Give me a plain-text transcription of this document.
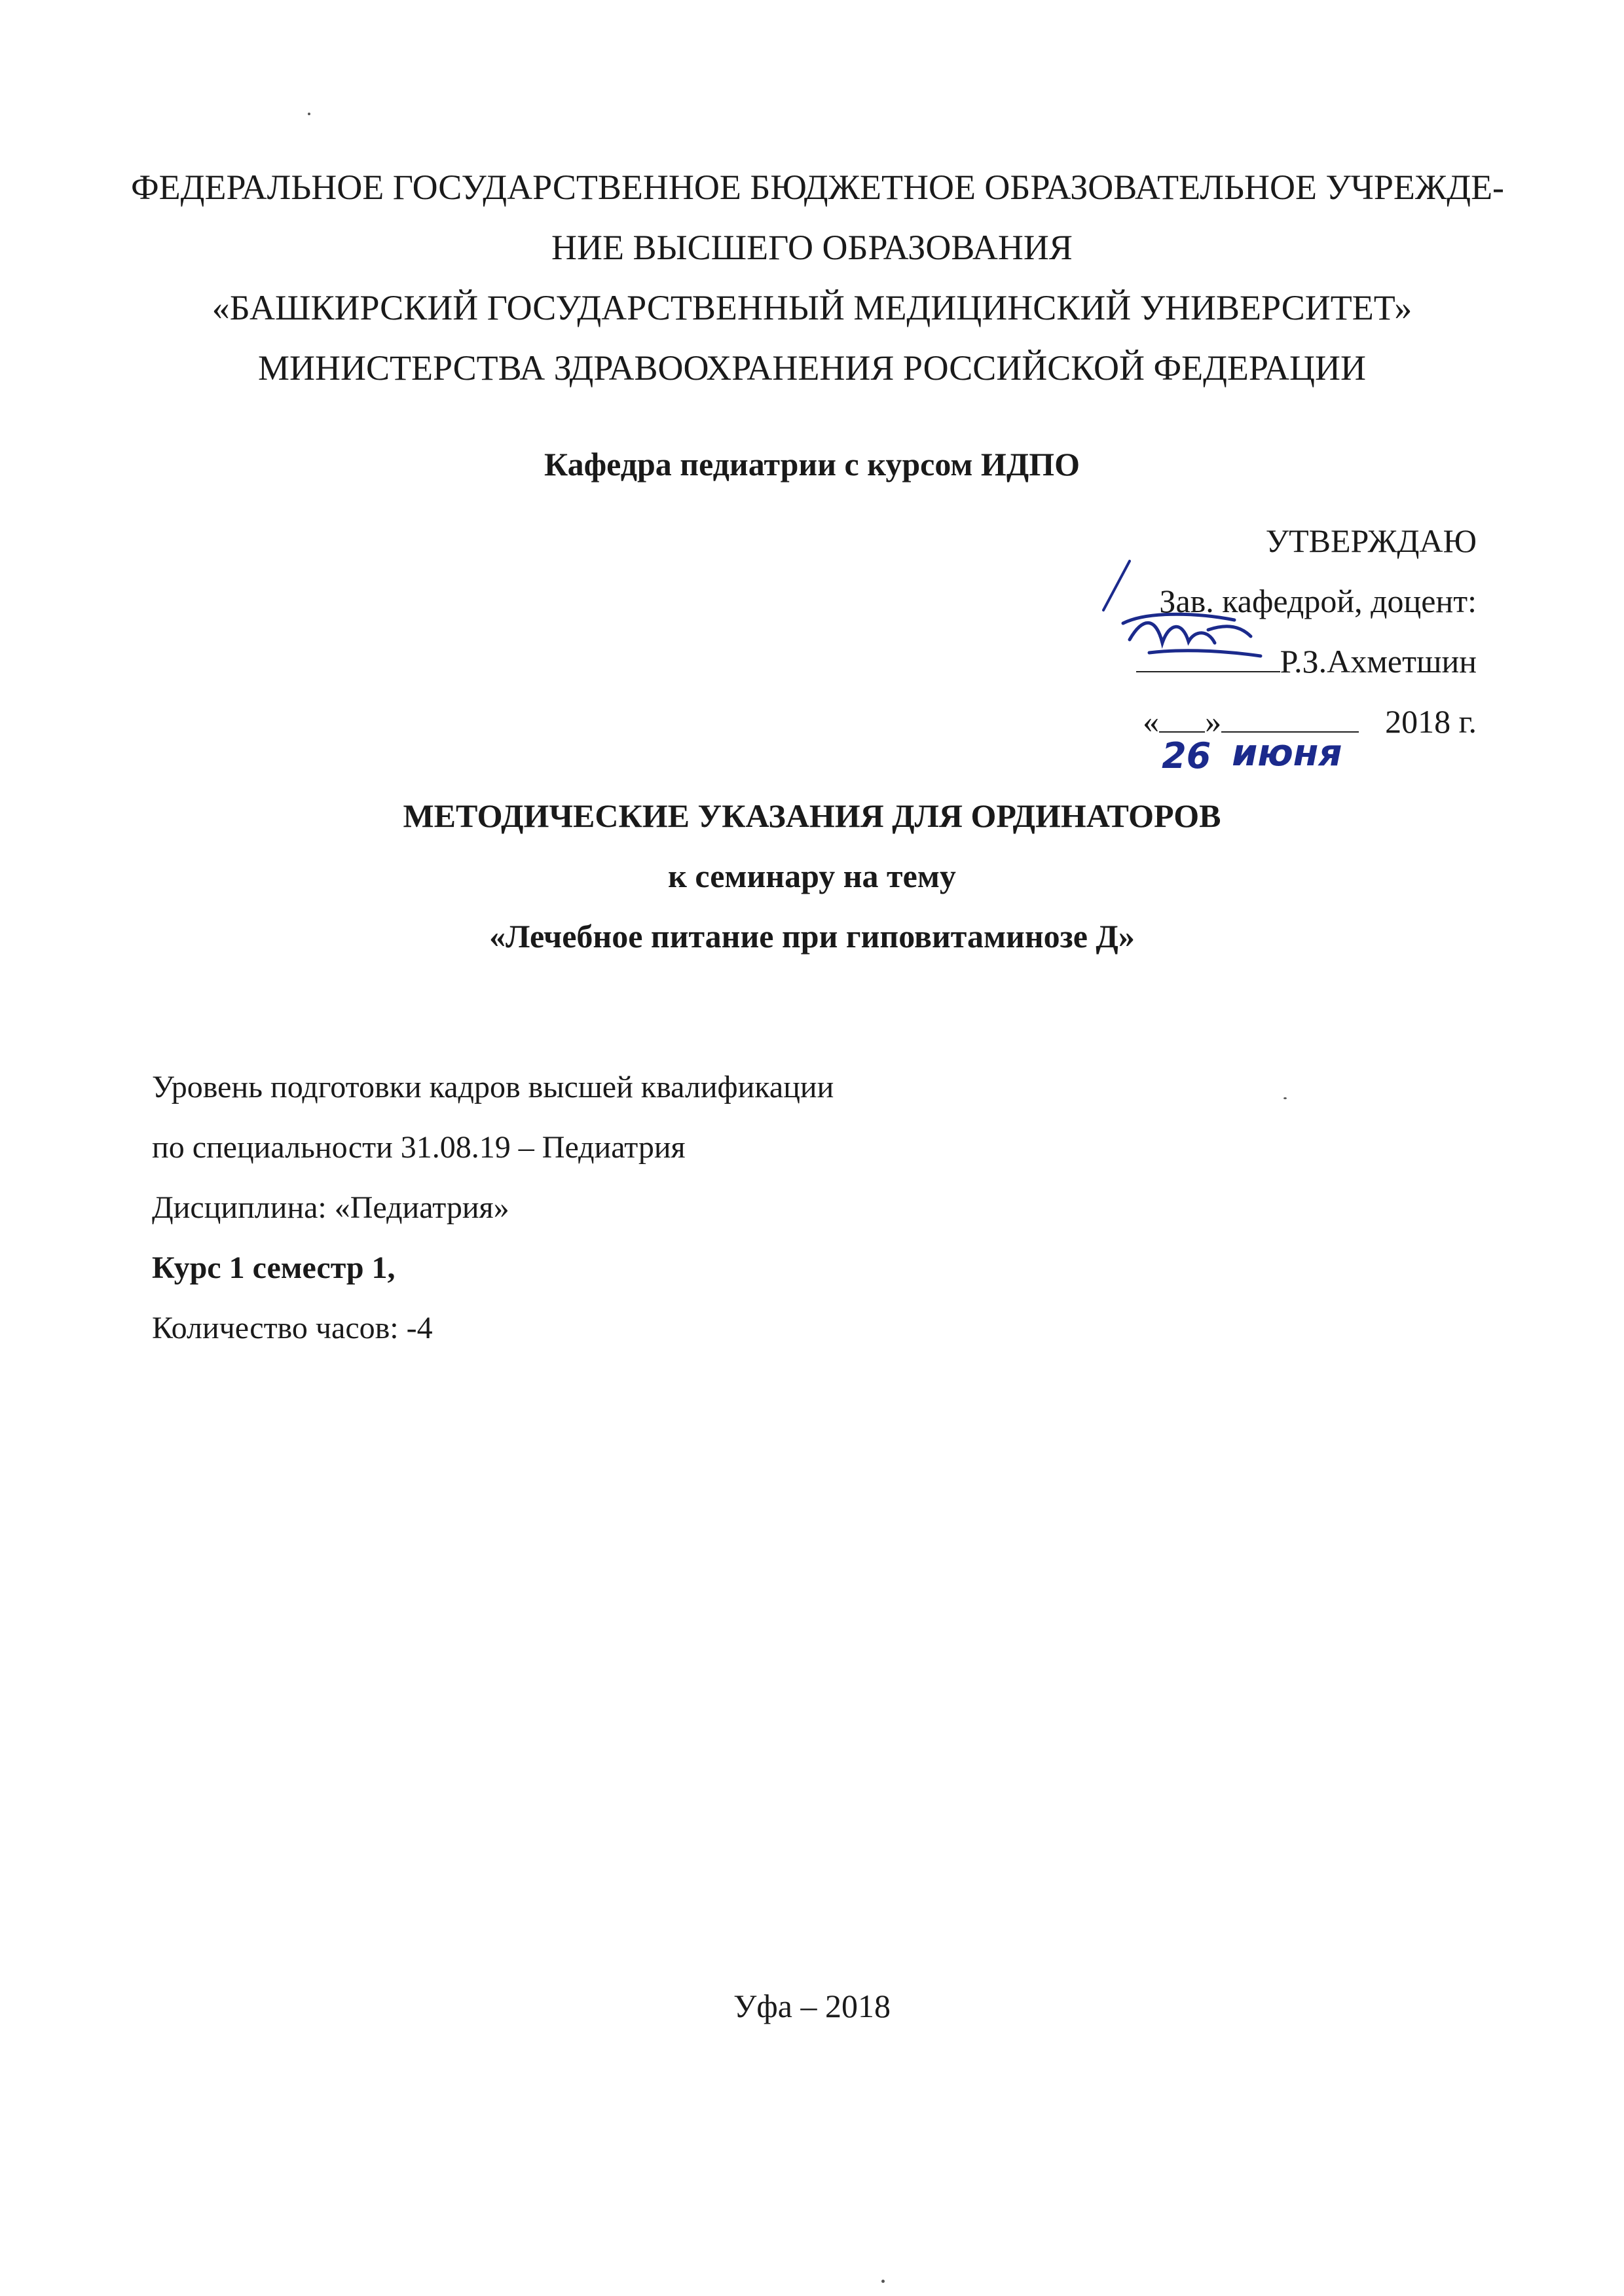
ФЕДЕРАЛЬНОЕ ГОСУДАРСТВЕННОЕ БЮДЖЕТНОЕ ОБРАЗОВАТЕЛЬНОЕ УЧРЕЖДЕ-
НИЕ ВЫСШЕГО ОБРАЗОВАНИЯ
«БАШКИРСКИЙ ГОСУДАРСТВЕННЫЙ МЕДИЦИНСКИЙ УНИВЕРСИТЕТ»
МИНИСТЕРСТВА ЗДРАВООХРАНЕНИЯ РОССИЙСКОЙ ФЕДЕРАЦИИ
Кафедра педиатрии с курсом ИДПО
УТВЕРЖДАЮ
Зав. кафедрой, доцент:
Р.З.Ахметшин
«
26
»
июня
2018 г.
МЕТОДИЧЕСКИЕ УКАЗАНИЯ ДЛЯ ОРДИНАТОРОВ
к семинару на тему
«Лечебное питание при гиповитаминозе Д»
Уровень подготовки кадров высшей квалификации
по специальности 31.08.19 – Педиатрия
Дисциплина: «Педиатрия»
Курс 1 семестр 1,
Количество часов: -4
Уфа – 2018
